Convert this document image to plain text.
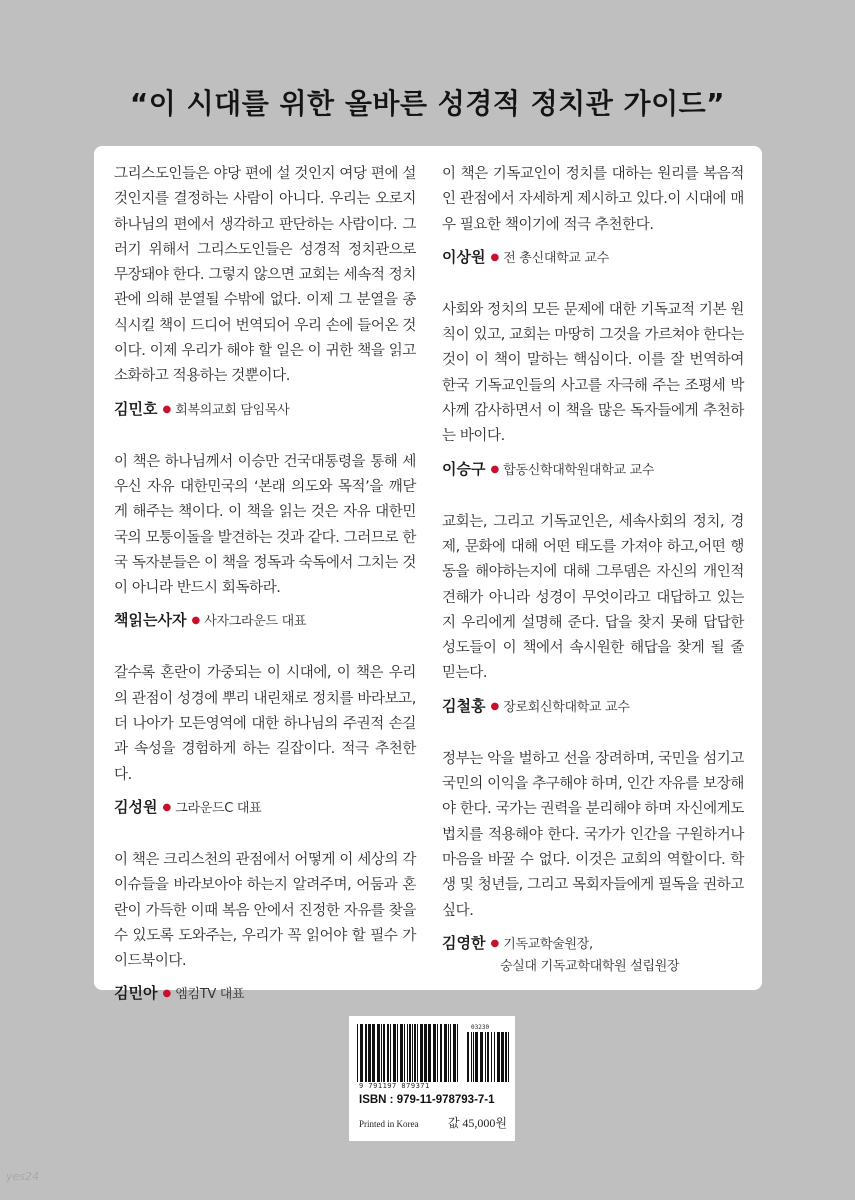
“이 시대를 위한 올바른 성경적 정치관 가이드”

그리스도인들은 야당 편에 설 것인지 여당 편에 설 것인지를 결정하는 사람이 아니다. 우리는 오로지 하나님의 편에서 생각하고 판단하는 사람이다. 그러기 위해서 그리스도인들은 성경적 정치관으로 무장돼야 한다. 그렇지 않으면 교회는 세속적 정치관에 의해 분열될 수밖에 없다. 이제 그 분열을 종식시킬 책이 드디어 번역되어 우리 손에 들어온 것이다. 이제 우리가 해야 할 일은 이 귀한 책을 읽고 소화하고 적용하는 것뿐이다.

김민호 ● 회복의교회 담임목사

이 책은 하나님께서 이승만 건국대통령을 통해 세우신 자유 대한민국의 ‘본래 의도와 목적’을 깨닫게 해주는 책이다. 이 책을 읽는 것은 자유 대한민국의 모퉁이돌을 발견하는 것과 같다. 그러므로 한국 독자분들은 이 책을 정독과 숙독에서 그치는 것이 아니라 반드시 회독하라.

책읽는사자 ● 사자그라운드 대표

갈수록 혼란이 가중되는 이 시대에, 이 책은 우리의 관점이 성경에 뿌리 내린채로 정치를 바라보고, 더 나아가 모든영역에 대한 하나님의 주권적 손길과 속성을 경험하게 하는 길잡이다. 적극 추천한다.

김성원 ● 그라운드C 대표

이 책은 크리스천의 관점에서 어떻게 이 세상의 각 이슈들을 바라보아야 하는지 알려주며, 어둠과 혼란이 가득한 이때 복음 안에서 진정한 자유를 찾을 수 있도록 도와주는, 우리가 꼭 읽어야 할 필수 가이드북이다.

김민아 ● 엠킴TV 대표

이 책은 기독교인이 정치를 대하는 원리를 복음적인 관점에서 자세하게 제시하고 있다.이 시대에 매우 필요한 책이기에 적극 추천한다.

이상원 ● 전 총신대학교 교수

사회와 정치의 모든 문제에 대한 기독교적 기본 원칙이 있고, 교회는 마땅히 그것을 가르쳐야 한다는 것이 이 책이 말하는 핵심이다. 이를 잘 번역하여 한국 기독교인들의 사고를 자극해 주는 조평세 박사께 감사하면서 이 책을 많은 독자들에게 추천하는 바이다.

이승구 ● 합동신학대학원대학교 교수

교회는, 그리고 기독교인은, 세속사회의 정치, 경제, 문화에 대해 어떤 태도를 가져야 하고,어떤 행동을 해야하는지에 대해 그루뎀은 자신의 개인적 견해가 아니라 성경이 무엇이라고 대답하고 있는지 우리에게 설명해 준다. 답을 찾지 못해 답답한 성도들이 이 책에서 속시원한 해답을 찾게 될 줄 믿는다.

김철홍 ● 장로회신학대학교 교수

정부는 악을 벌하고 선을 장려하며, 국민을 섬기고 국민의 이익을 추구해야 하며, 인간 자유를 보장해야 한다. 국가는 권력을 분리해야 하며 자신에게도 법치를 적용해야 한다. 국가가 인간을 구원하거나 마음을 바꿀 수 없다. 이것은 교회의 역할이다. 학생 및 청년들, 그리고 목회자들에게 필독을 권하고 싶다.

김영한 ● 기독교학술원장,
숭실대 기독교학대학원 설립원장
03230
9 791197 879371
ISBN : 979-11-978793-7-1
Printed in Korea 값 45,000원
yes24
